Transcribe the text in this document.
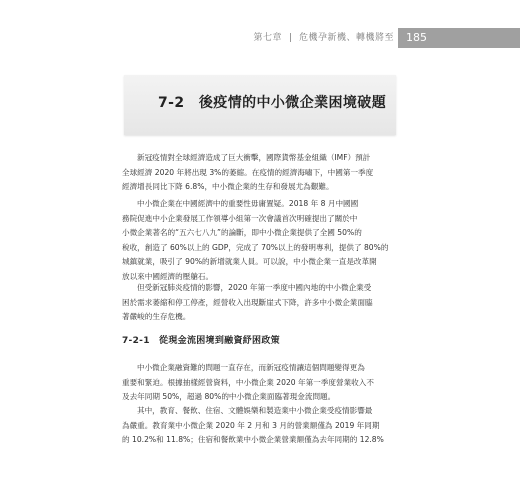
第七章 危機孕新機、轉機將至 185
7-2　後疫情的中小微企業困境破題

新冠疫情對全球經濟造成了巨大衝擊，國際貨幣基金組織（IMF）預計
全球經濟 2020 年將出現 3%的萎縮。在疫情的經濟海嘯下，中國第一季度
經濟增長同比下降 6.8%，中小微企業的生存和發展尤為艱難。

中小微企業在中國經濟中的重要性毋庸置疑。2018 年 8 月中國國
務院促進中小企業發展工作領導小組第一次會議首次明確提出了關於中
小微企業著名的“五六七八九”的論斷，即中小微企業提供了全國 50%的
稅收，創造了 60%以上的 GDP，完成了 70%以上的發明專利，提供了 80%的
城鎮就業，吸引了 90%的新增就業人員。可以說，中小微企業一直是改革開
放以來中國經濟的壓艙石。

但受新冠肺炎疫情的影響，2020 年第一季度中國內地的中小微企業受
困於需求萎縮和停工停產，經營收入出現斷崖式下降，許多中小微企業面臨
著嚴峻的生存危機。

7-2-1　從現金流困境到融資紓困政策

中小微企業融資難的問題一直存在，而新冠疫情讓這個問題變得更為
重要和緊迫。根據抽樣經營資料，中小微企業 2020 年第一季度營業收入不
及去年同期 50%，超過 80%的中小微企業面臨著現金流問題。

其中，教育、餐飲、住宿、文體娛樂和製造業中小微企業受疫情影響最
為嚴重。教育業中小微企業 2020 年 2 月和 3 月的營業額僅為 2019 年同期
的 10.2%和 11.8%；住宿和餐飲業中小微企業營業額僅為去年同期的 12.8%
